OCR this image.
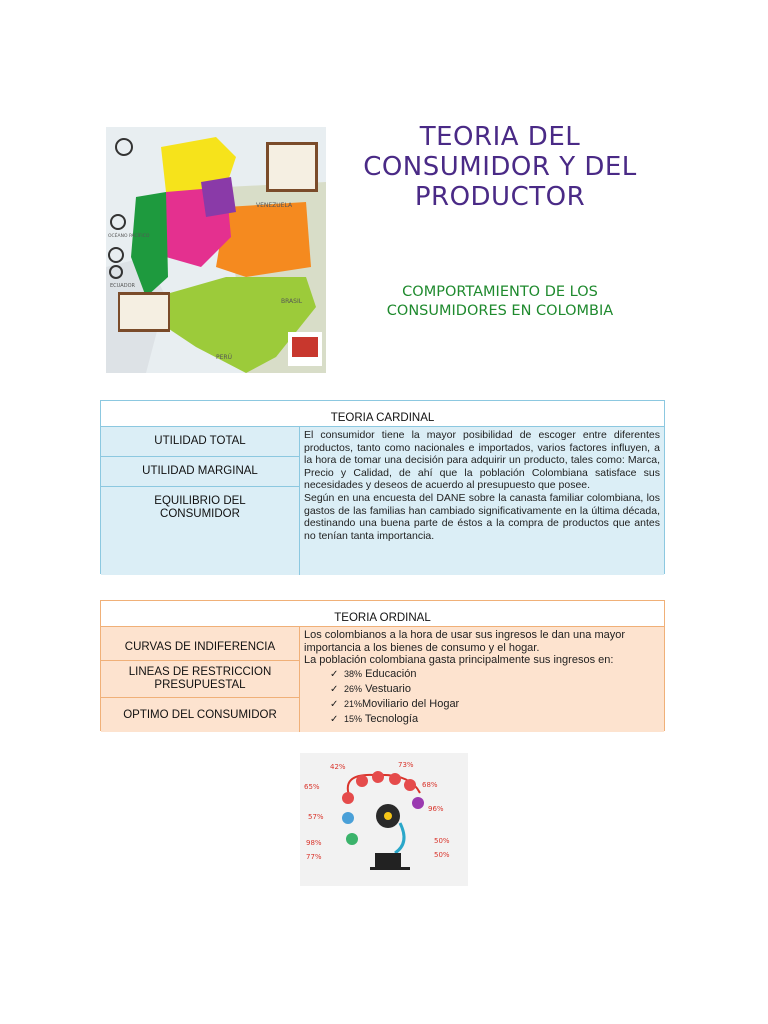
VENEZUELA
BRASIL
PERÚ
ECUADOR
OCÉANO PACÍFICO
TEORIA DEL
CONSUMIDOR Y DEL
PRODUCTOR
COMPORTAMIENTO DE LOS
CONSUMIDORES EN COLOMBIA
TEORIA CARDINAL
UTILIDAD TOTAL
UTILIDAD MARGINAL
EQUILIBRIO DEL
CONSUMIDOR
El consumidor tiene la mayor posibilidad de escoger entre diferentes productos, tanto como nacionales e importados, varios factores influyen, a la hora de tomar una decisión para adquirir un producto, tales como: Marca, Precio y Calidad, de ahí que la población Colombiana satisface sus necesidades y deseos de acuerdo al presupuesto que posee.
Según en una encuesta del DANE sobre la canasta familiar colombiana, los gastos de las familias han cambiado significativamente en la última década, destinando una buena parte de éstos a la compra de productos que antes no tenían tanta importancia.
TEORIA ORDINAL
CURVAS DE INDIFERENCIA
LINEAS DE RESTRICCION
PRESUPUESTAL
OPTIMO DEL CONSUMIDOR
Los colombianos a la hora de usar sus ingresos le dan una mayor importancia a los bienes de consumo y el hogar.
La población colombiana gasta principalmente sus ingresos en:
✓ 38% Educación
✓ 26% Vestuario
✓ 21%Moviliario del Hogar
✓ 15% Tecnología
42%	73%
65%	68%
57%
96%
98%	50%
77%	50%
